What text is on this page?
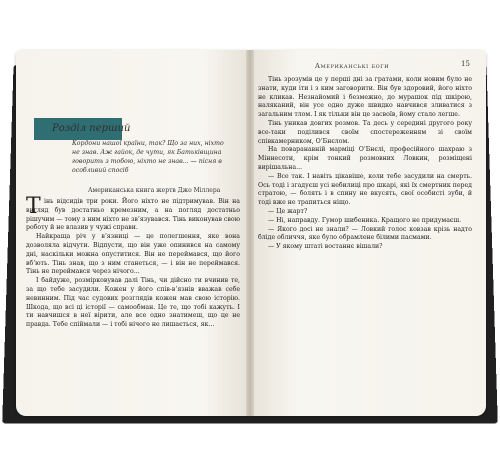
Розділ перший

Кордони нашої країни, так? Що за них, ніхто не знав. Аж гайок, де чути, як Батьківщина говорить з тобою, ніхто не знав... — пісня в особливий спосіб

Американська книга жертв Джо Міллера
Т інь відсидів три роки. Його ніхто не підтримував. Він на вигляд був достатньо кремезним, а на погляд достатньо рішучим — тому з ним ніхто не зв’язувався. Тінь виконував свою роботу й не влазив у чужі справи.

Найкраща річ у в’язниці — це полегшення, яке вона дозволяла відчути. Відпусти, що він уже опинився на самому дні, наскільки можна опуститися. Він не переймався, що його вб’ють. Тінь знав, що з ним станеться, — і він не переймався. Тінь не переймався через нічого...

І байдуже, розмірковував далі Тінь, чи дійсно ти вчинив те, за що тебе засудили. Кожен у його спів-в’язнів вважав себе невинним. Під час судових розглядів кожен мав свою історію. Шкода, що всі ці історії — самообман. Це те, що тобі кажуть. І ти навчишся в неї вірити, але все одно знатимеш, що це не правда. Тебе спіймали — і тобі нічого не лишається, як...

Американські боги	15

Тінь зрозумів це у перші дні за гратами, коли новим було не знати, куди іти і з ким заговорити. Він був здоровий, його ніхто не кликав. Незнайомий і безмежно, до мурашок під шкірою, наляканий, він усе одно дуже швидко навчився зливатися з загальним тлом. І як тільки він це засвоїв, йому стало легше.

Тінь уникав довгих розмов. Та десь у середині другого року все-таки поділився своїм спостереженням зі своїм співкамерником, О’Бнєлом.

На поваранавній марміці О’Бнєлі, професійного шахраю з Міннесоти, крім тонкий розмовних Ловкин, розміщені вирішальна...

— Все так. І навіть цікавіше, коли тебе засудили на смерть. Ось тоді і згадуєш усі небилиці про шкарі, які їх смертник перед стратою, — болять і в спину не вкусять, свої особисті зуби, й тоді вже не трапиться ніщо.

— Це жарт?

— Ні, направду. Гумор шибеника. Кращого не придумаєш.

— Якого досі не знали? — Ловкий голос ковзав крізь надто бліде обличчя, яке було обрамлене білими пасмами.

— У якому штаті востаннє вішали?
